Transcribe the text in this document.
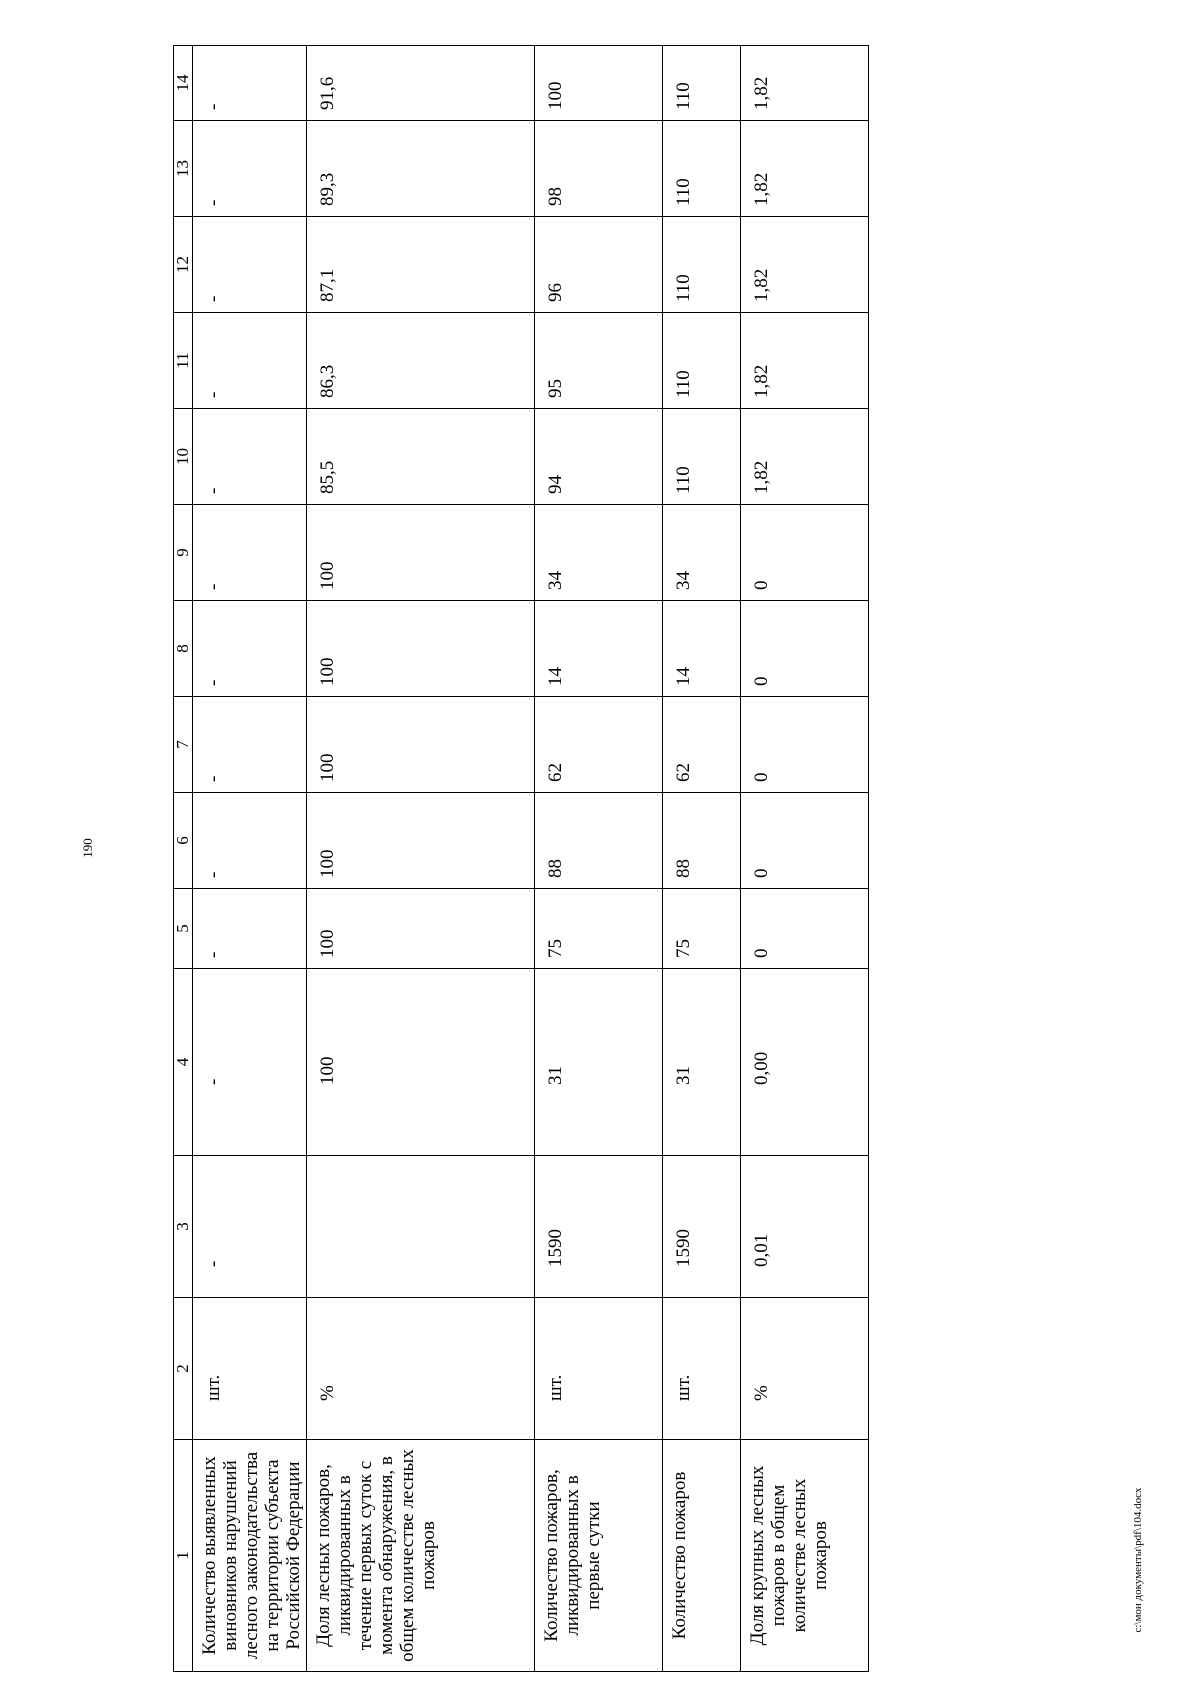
190
1	2	3	4	5	6	7	8	9	10	11	12	13	14
Количество выявленных виновников нарушений лесного законодательства на территории субъекта Российской Федерации	шт.	-	-	-	-	-	-	-	-	-	-	-	-
Доля лесных пожаров, ликвидированных в течение первых суток с момента обнаружения, в общем количестве лесных пожаров	%		100	100	100	100	100	100	85,5	86,3	87,1	89,3	91,6
Количество пожаров, ликвидированных в первые сутки	шт.	1590	31	75	88	62	14	34	94	95	96	98	100
Количество пожаров	шт.	1590	31	75	88	62	14	34	110	110	110	110	110
Доля крупных лесных пожаров в общем количестве лесных пожаров	%	0,01	0,00	0	0	0	0	0	1,82	1,82	1,82	1,82	1,82
c:\мои документы\pdf\104.docx
